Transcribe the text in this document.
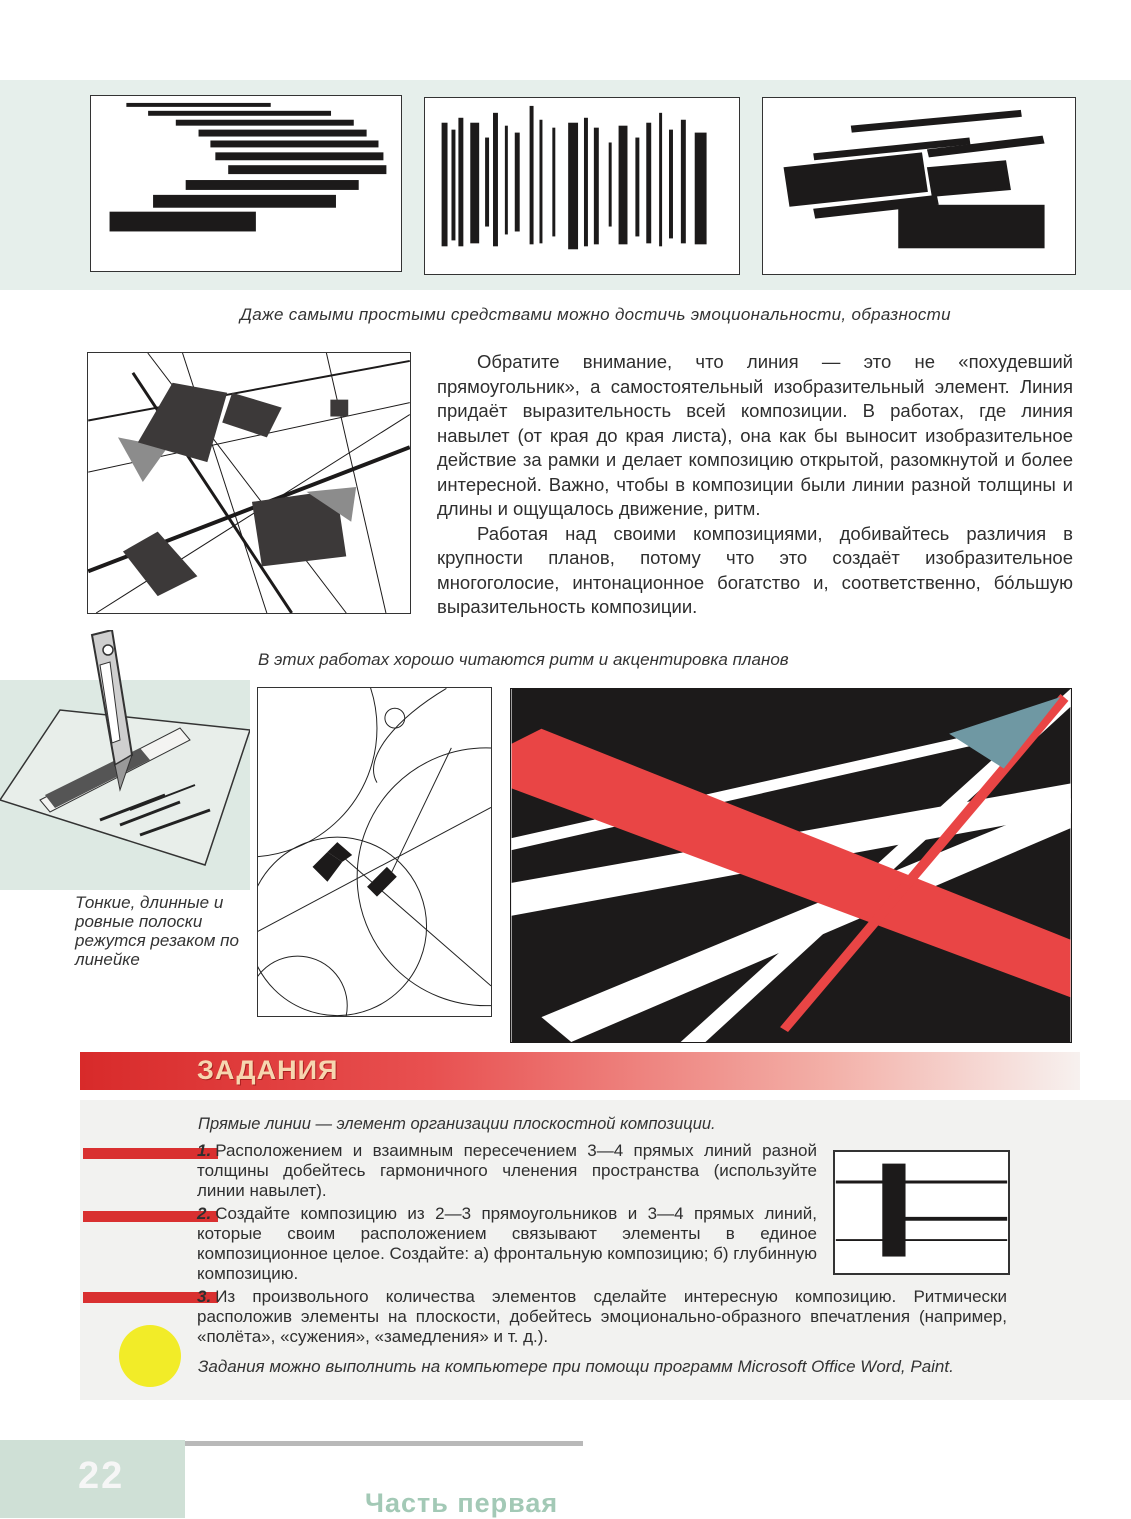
Даже самыми простыми средствами можно достичь эмоциональности, образности

Обратите внимание, что линия — это не «похудевший прямоугольник», а самостоятельный изобразительный элемент. Линия придаёт выразительность всей композиции. В работах, где линия навылет (от края до края листа), она как бы выносит изобразительное действие за рамки и делает композицию открытой, разомкнутой и более интересной. Важно, чтобы в композиции были линии разной толщины и длины и ощущалось движение, ритм.

Работая над своими композициями, добивайтесь различия в крупности планов, потому что это создаёт изобразительное многоголосие, интонационное богатство и, соответственно, бо́льшую выразительность композиции.

В этих работах хорошо читаются ритм и акцентировка планов
Тонкие, длинные и ровные полоски режутся резаком по линейке
ЗАДАНИЯ
Прямые линии — элемент организации плоскостной композиции.
1. Расположением и взаимным пересечением 3—4 прямых линий разной толщины добейтесь гармоничного членения пространства (используйте линии навылет).
2. Создайте композицию из 2—3 прямоугольников и 3—4 прямых линий, которые своим расположением связывают элементы в единое композиционное целое. Создайте: а) фронтальную композицию; б) глубинную композицию.
3. Из произвольного количества элементов сделайте интересную композицию. Ритмически расположив элементы на плоскости, добейтесь эмоционально-образного впечатления (например, «полёта», «сужения», «замедления» и т. д.).
Задания можно выполнить на компьютере при помощи программ Microsoft Office Word, Paint.
22
Часть первая
